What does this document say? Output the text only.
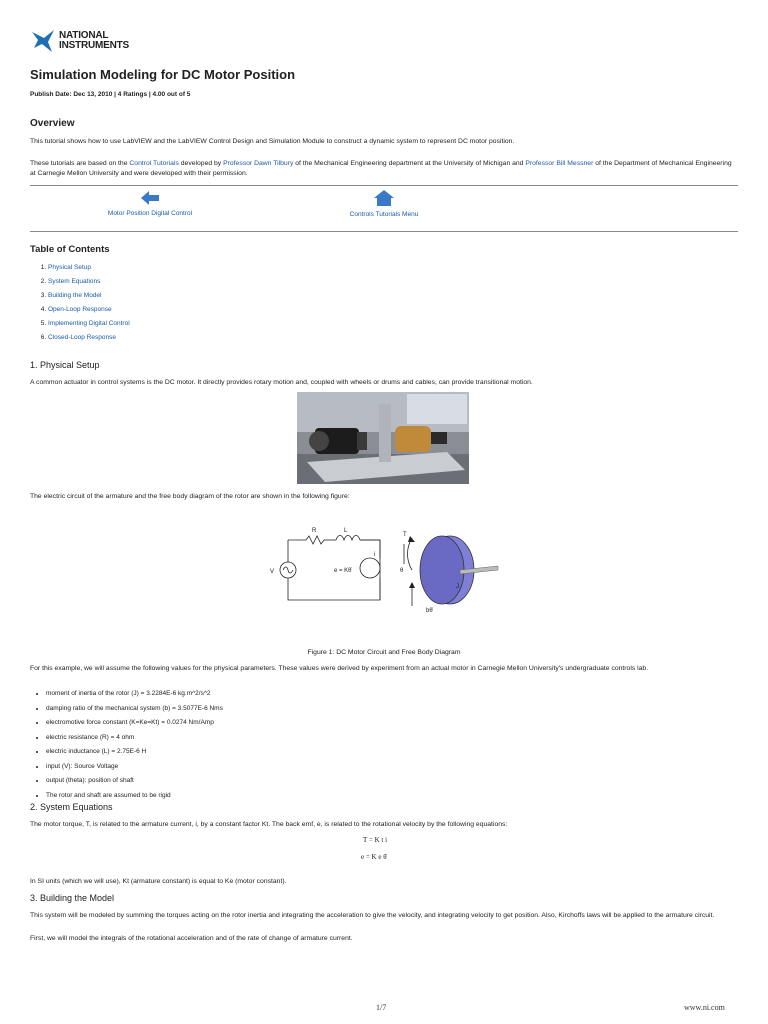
NATIONAL
INSTRUMENTS
Simulation Modeling for DC Motor Position
Publish Date: Dec 13, 2010 | 4 Ratings | 4.00 out of 5
Overview
This tutorial shows how to use LabVIEW and the LabVIEW Control Design and Simulation Module to construct a dynamic system to represent DC motor position.
These tutorials are based on the Control Tutorials developed by Professor Dawn Tilbury of the Mechanical Engineering department at the University of Michigan and Professor Bill Messner of the Department of Mechanical Engineering at Carnegie Mellon University and were developed with their permission.
Motor Position Digital Control	Controls Tutorials Menu
Table of Contents
1. Physical Setup
2. System Equations
3. Building the Model
4. Open-Loop Response
5. Implementing Digital Control
6. Closed-Loop Response
1. Physical Setup
A common actuator in control systems is the DC motor. It directly provides rotary motion and, coupled with wheels or drums and cables, can provide transitional motion.
The electric circuit of the armature and the free body diagram of the rotor are shown in the following figure:
R	L
V	e = Kθ̇
i
T
J
bθ̇
θ
Figure 1: DC Motor Circuit and Free Body Diagram
For this example, we will assume the following values for the physical parameters. These values were derived by experiment from an actual motor in Carnegie Mellon University's undergraduate controls lab.
• moment of inertia of the rotor (J) = 3.2284E-6 kg.m^2/s^2
• damping ratio of the mechanical system (b) = 3.5077E-6 Nms
• electromotive force constant (K=Ke=Kt) = 0.0274 Nm/Amp
• electric resistance (R) = 4 ohm
• electric inductance (L) = 2.75E-6 H
• input (V): Source Voltage
• output (theta): position of shaft
• The rotor and shaft are assumed to be rigid
2. System Equations
The motor torque, T, is related to the armature current, i, by a constant factor Kt. The back emf, e, is related to the rotational velocity by the following equations:
T = K t i
e = K e θ̇
In SI units (which we will use), Kt (armature constant) is equal to Ke (motor constant).
3. Building the Model
This system will be modeled by summing the torques acting on the rotor inertia and integrating the acceleration to give the velocity, and integrating velocity to get position. Also, Kirchoffs laws will be applied to the armature circuit.
First, we will model the integrals of the rotational acceleration and of the rate of change of armature current.
1/7	www.ni.com
